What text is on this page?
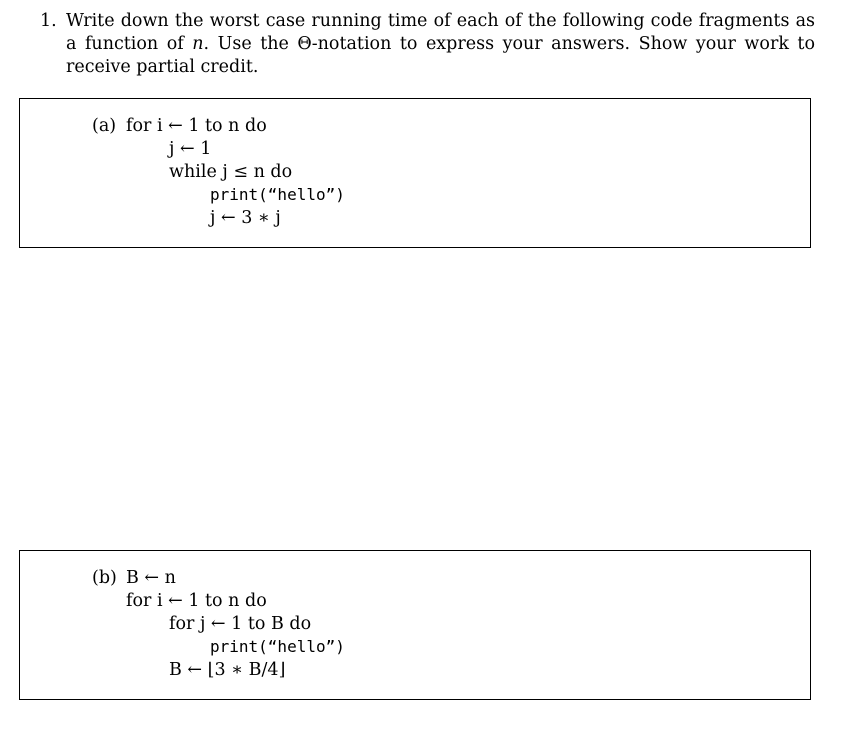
1. Write down the worst case running time of each of the following code fragments as a function of n. Use the Θ-notation to express your answers. Show your work to receive partial credit.
(a) for i ← 1 to n do
j ← 1
while j ≤ n do
print(“hello”)
j ← 3 ∗ j
(b) B ← n
for i ← 1 to n do
for j ← 1 to B do
print(“hello”)
B ← ⌊3 ∗ B/4⌋
